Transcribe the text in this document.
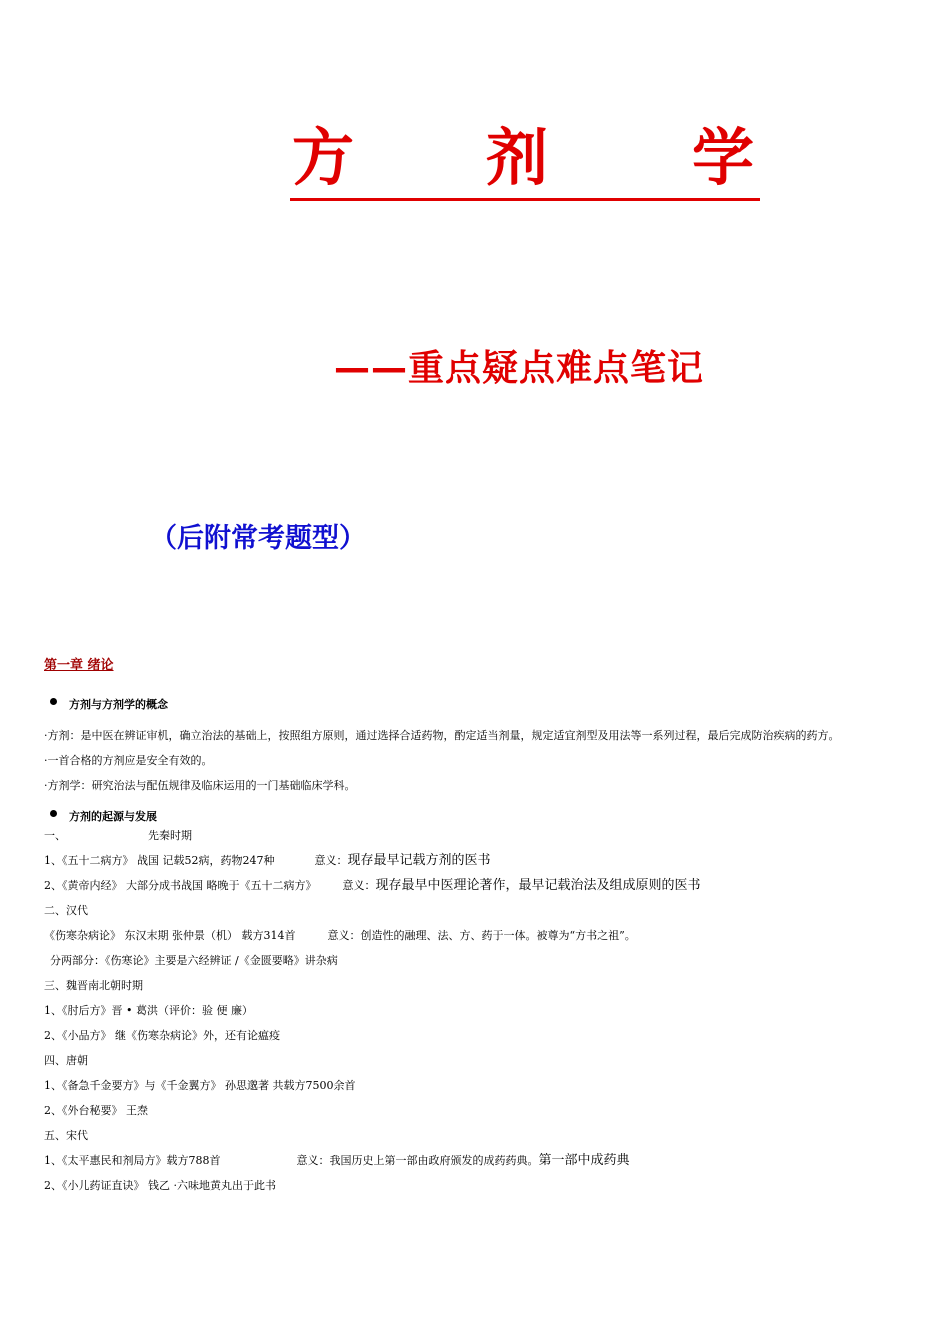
方 剂 学
——重点疑点难点笔记
（后附常考题型）
第一章 绪论
方剂与方剂学的概念
·方剂：是中医在辨证审机，确立治法的基础上，按照组方原则，通过选择合适药物，酌定适当剂量，规定适宜剂型及用法等一系列过程，最后完成防治疾病的药方。
·一首合格的方剂应是安全有效的。
·方剂学：研究治法与配伍规律及临床运用的一门基础临床学科。
方剂的起源与发展
一、	先秦时期
1、《五十二病方》 战国 记载52病，药物247种	意义：现存最早记载方剂的医书
2、《黄帝内经》 大部分成书战国 略晚于《五十二病方》 意义：现存最早中医理论著作，最早记载治法及组成原则的医书
二、汉代
《伤寒杂病论》 东汉末期 张仲景（机） 载方314首	意义：创造性的融理、法、方、药于一体。被尊为“方书之祖”。
分两部分：《伤寒论》主要是六经辨证 /《金匮要略》讲杂病
三、魏晋南北朝时期
1、《肘后方》晋 • 葛洪（评价：验 便 廉）
2、《小品方》 继《伤寒杂病论》外，还有论瘟疫
四、唐朝
1、《备急千金要方》与《千金翼方》 孙思邈著 共载方7500余首
2、《外台秘要》 王焘
五、宋代
1、《太平惠民和剂局方》载方788首	意义：我国历史上第一部由政府颁发的成药药典。第一部中成药典
2、《小儿药证直诀》 钱乙 ·六味地黄丸出于此书
